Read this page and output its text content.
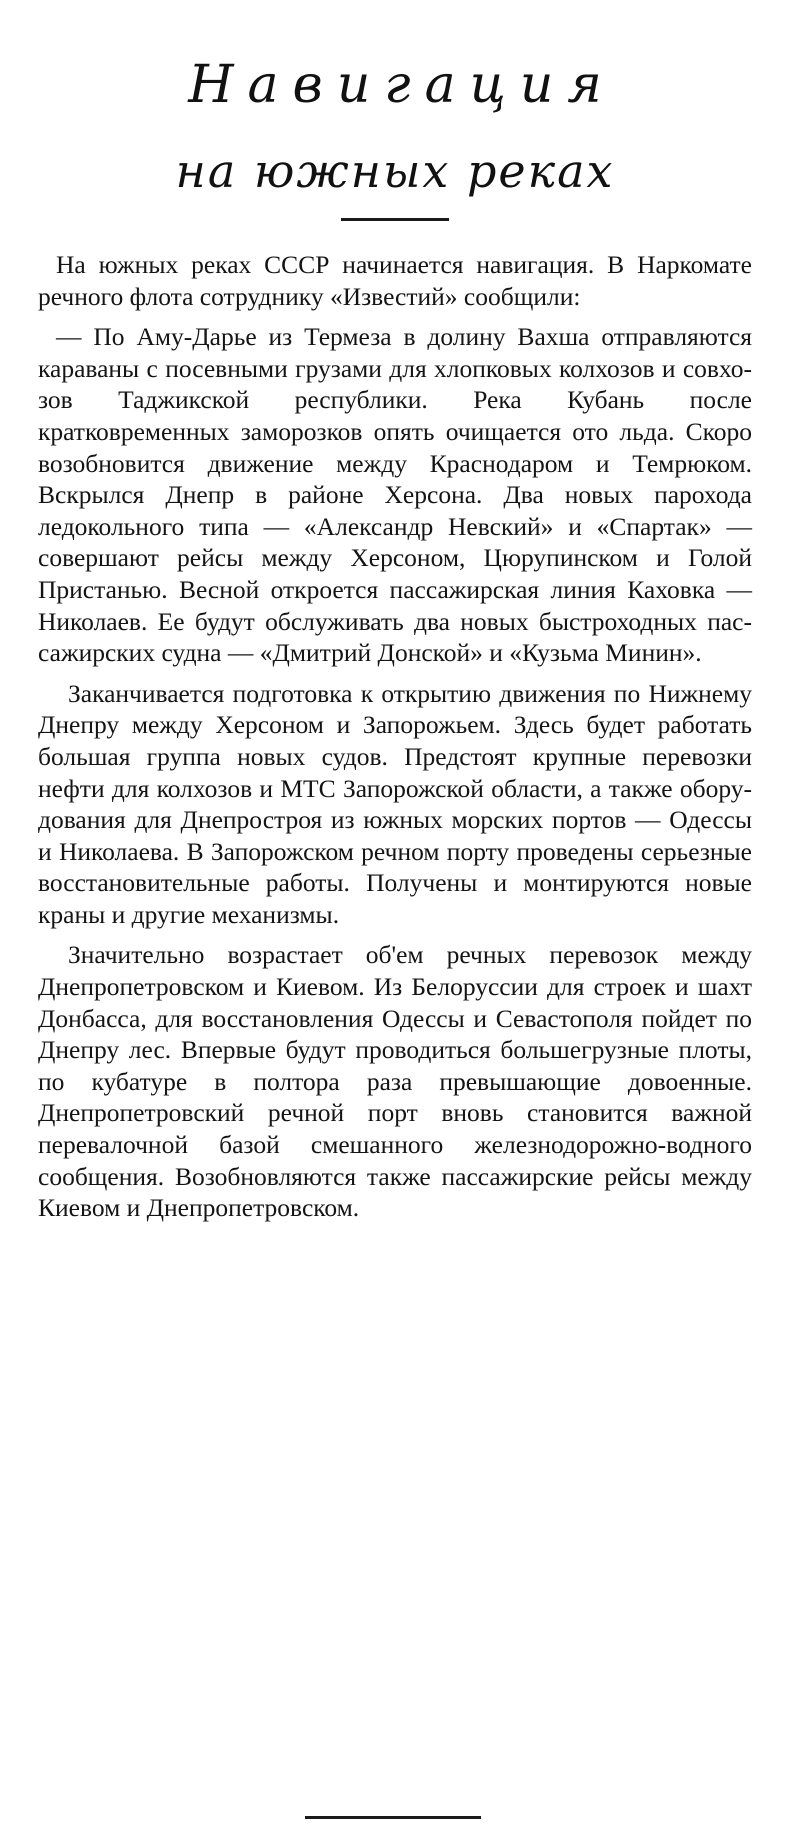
Навигация
на южных реках

На южных реках СССР начинается навигация. В Наркомате речного флота сотруднику «Известий» сообщили:

— По Аму-Дарье из Термеза в долину Вахша отправляются караваны с посевными грузами для хлопковых колхозов и совхозов Таджикской республики. Река Кубань после кратковременных заморозков опять очищается ото льда. Скоро возобновится движение между Краснодаром и Темрюком. Вскрылся Днепр в районе Херсона. Два новых парохода ледокольного типа — «Александр Невский» и «Спартак» — совершают рейсы между Херсоном, Цюрупинском и Голой Пристанью. Весной откроется пассажирская линия Каховка — Николаев. Ее будут обслуживать два новых быстроходных пассажирских судна — «Дмитрий Донской» и «Кузьма Минин».

Заканчивается подготовка к открытию движения по Нижнему Днепру между Херсоном и Запорожьем. Здесь будет работать большая группа новых судов. Предстоят крупные перевозки нефти для колхозов и МТС Запорожской области, а также оборудования для Днепростроя из южных морских портов — Одессы и Николаева. В Запорожском речном порту проведены серьезные восстановительные работы. Получены и монтируются новые краны и другие механизмы.

Значительно возрастает об'ем речных перевозок между Днепропетровском и Киевом. Из Белоруссии для строек и шахт Донбасса, для восстановления Одессы и Севастополя пойдет по Днепру лес. Впервые будут проводиться большегрузные плоты, по кубатуре в полтора раза превышающие довоенные. Днепропетровский речной порт вновь становится важной перевалочной базой смешанного железнодорожно-водного сообщения. Возобновляются также пассажирские рейсы между Киевом и Днепропетровском.
